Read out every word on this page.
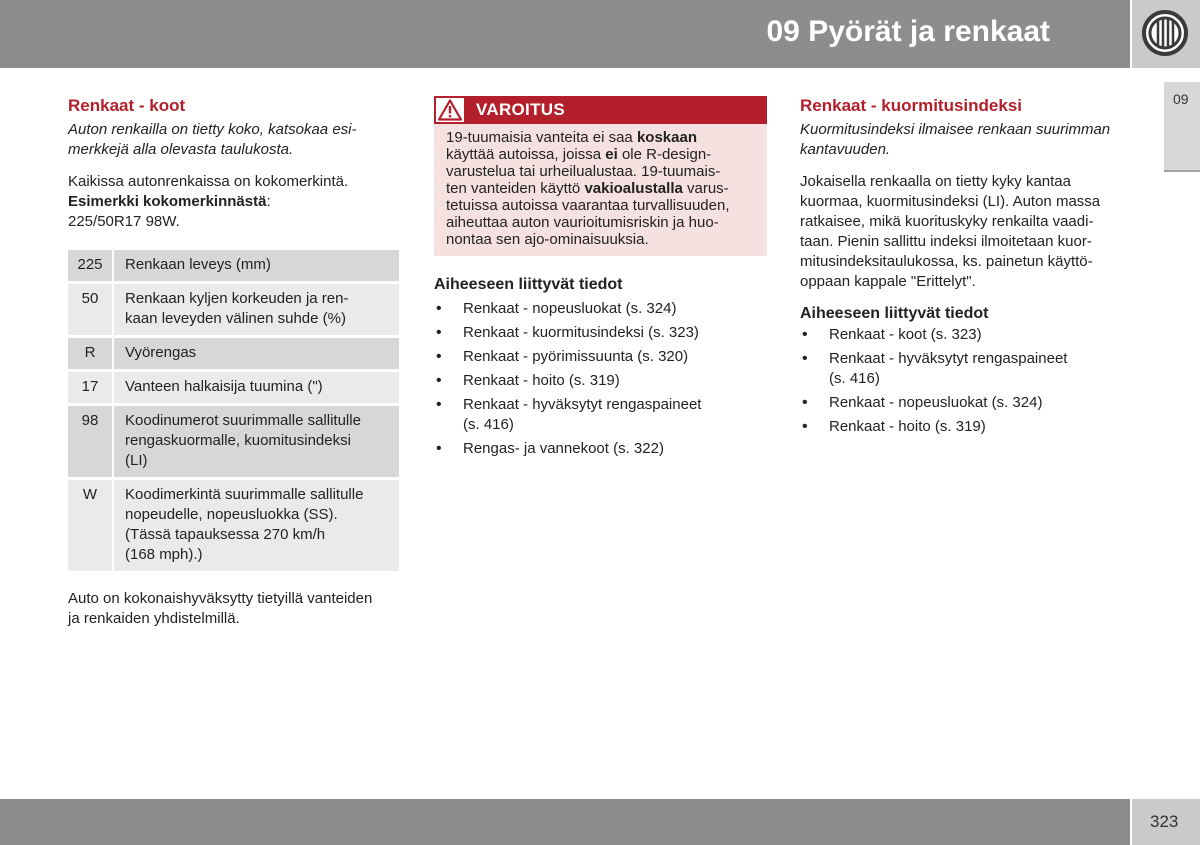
09 Pyörät ja renkaat
09
Renkaat - koot
Auton renkailla on tietty koko, katsokaa esi-
merkkejä alla olevasta taulukosta.
Kaikissa autonrenkaissa on kokomerkintä.
Esimerkki kokomerkinnästä:
225/50R17 98W.
225	Renkaan leveys (mm)

50	Renkaan kyljen korkeuden ja ren-
kaan leveyden välinen suhde (%)

R	Vyörengas

17	Vanteen halkaisija tuumina (")

98	Koodinumerot suurimmalle sallitulle
rengaskuormalle, kuomitusindeksi
(LI)

W	Koodimerkintä suurimmalle sallitulle
nopeudelle, nopeusluokka (SS).
(Tässä tapauksessa 270 km/h
(168 mph).)
Auto on kokonaishyväksytty tietyillä vanteiden
ja renkaiden yhdistelmillä.
VAROITUS
19-tuumaisia vanteita ei saa koskaan
käyttää autoissa, joissa ei ole R-design-
varustelua tai urheilualustaa. 19-tuumais-
ten vanteiden käyttö vakioalustalla varus-
tetuissa autoissa vaarantaa turvallisuuden,
aiheuttaa auton vaurioitumisriskin ja huo-
nontaa sen ajo-ominaisuuksia.
Aiheeseen liittyvät tiedot
• Renkaat - nopeusluokat (s. 324)
• Renkaat - kuormitusindeksi (s. 323)
• Renkaat - pyörimissuunta (s. 320)
• Renkaat - hoito (s. 319)
• Renkaat - hyväksytyt rengaspaineet
(s. 416)
• Rengas- ja vannekoot (s. 322)
Renkaat - kuormitusindeksi
Kuormitusindeksi ilmaisee renkaan suurimman
kantavuuden.
Jokaisella renkaalla on tietty kyky kantaa
kuormaa, kuormitusindeksi (LI). Auton massa
ratkaisee, mikä kuorituskyky renkailta vaadi-
taan. Pienin sallittu indeksi ilmoitetaan kuor-
mitusindeksitaulukossa, ks. painetun käyttö-
oppaan kappale "Erittelyt".
Aiheeseen liittyvät tiedot
• Renkaat - koot (s. 323)
• Renkaat - hyväksytyt rengaspaineet
(s. 416)
• Renkaat - nopeusluokat (s. 324)
• Renkaat - hoito (s. 319)
323
